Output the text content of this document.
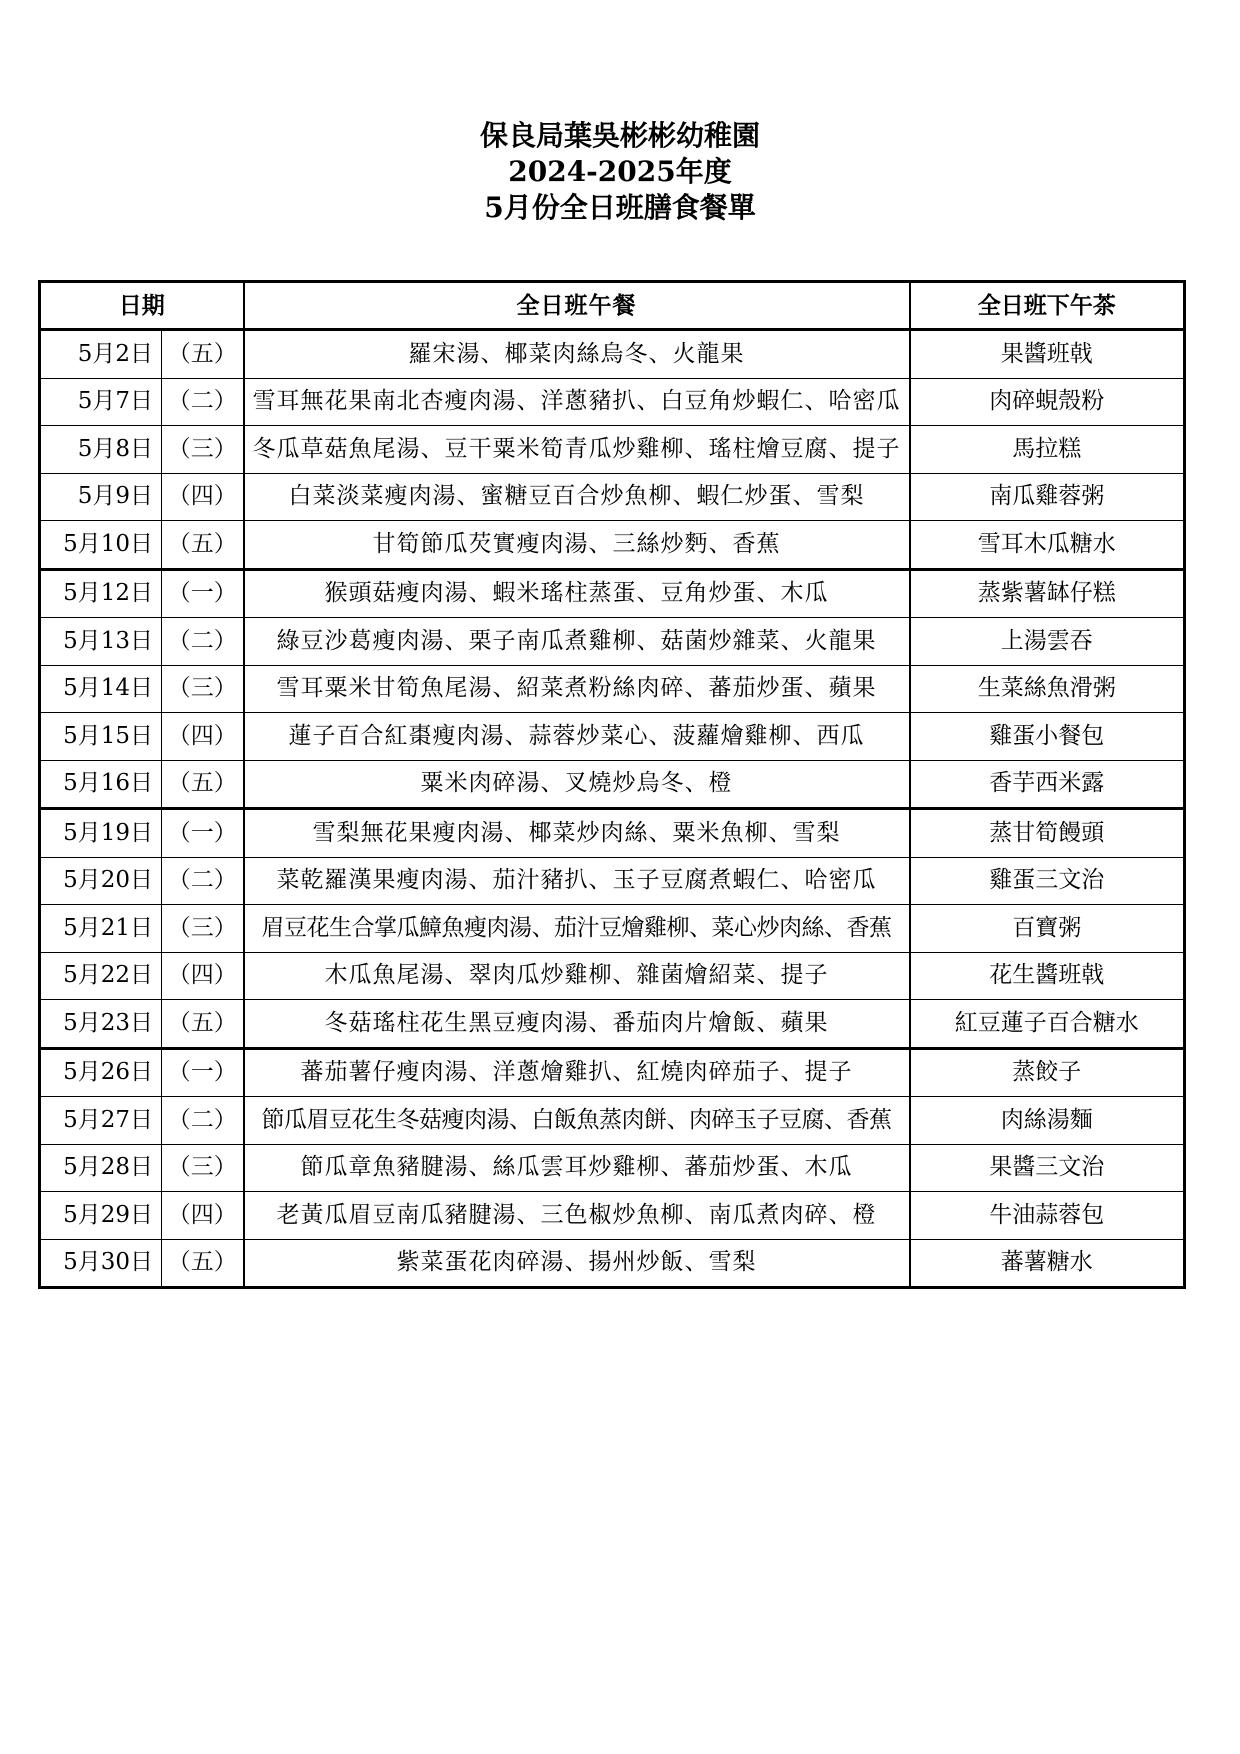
保良局葉吳彬彬幼稚園
2024-2025年度
5月份全日班膳食餐單
日期		全日班午餐	全日班下午茶
5月2日	（五）	羅宋湯、椰菜肉絲烏冬、火龍果	果醬班戟
5月7日	（二）	雪耳無花果南北杏瘦肉湯、洋蔥豬扒、白豆角炒蝦仁、哈密瓜	肉碎蜆殼粉
5月8日	（三）	冬瓜草菇魚尾湯、豆干粟米筍青瓜炒雞柳、瑤柱燴豆腐、提子	馬拉糕
5月9日	（四）	白菜淡菜瘦肉湯、蜜糖豆百合炒魚柳、蝦仁炒蛋、雪梨	南瓜雞蓉粥
5月10日	（五）	甘筍節瓜芡實瘦肉湯、三絲炒麪、香蕉	雪耳木瓜糖水
5月12日	（一）	猴頭菇瘦肉湯、蝦米瑤柱蒸蛋、豆角炒蛋、木瓜	蒸紫薯缽仔糕
5月13日	（二）	綠豆沙葛瘦肉湯、栗子南瓜煮雞柳、菇菌炒雜菜、火龍果	上湯雲吞
5月14日	（三）	雪耳粟米甘筍魚尾湯、紹菜煮粉絲肉碎、蕃茄炒蛋、蘋果	生菜絲魚滑粥
5月15日	（四）	蓮子百合紅棗瘦肉湯、蒜蓉炒菜心、菠蘿燴雞柳、西瓜	雞蛋小餐包
5月16日	（五）	粟米肉碎湯、叉燒炒烏冬、橙	香芋西米露
5月19日	（一）	雪梨無花果瘦肉湯、椰菜炒肉絲、粟米魚柳、雪梨	蒸甘筍饅頭
5月20日	（二）	菜乾羅漢果瘦肉湯、茄汁豬扒、玉子豆腐煮蝦仁、哈密瓜	雞蛋三文治
5月21日	（三）	眉豆花生合掌瓜鱆魚瘦肉湯、茄汁豆燴雞柳、菜心炒肉絲、香蕉	百寶粥
5月22日	（四）	木瓜魚尾湯、翠肉瓜炒雞柳、雜菌燴紹菜、提子	花生醬班戟
5月23日	（五）	冬菇瑤柱花生黑豆瘦肉湯、番茄肉片燴飯、蘋果	紅豆蓮子百合糖水
5月26日	（一）	蕃茄薯仔瘦肉湯、洋蔥燴雞扒、紅燒肉碎茄子、提子	蒸餃子
5月27日	（二）	節瓜眉豆花生冬菇瘦肉湯、白飯魚蒸肉餅、肉碎玉子豆腐、香蕉	肉絲湯麵
5月28日	（三）	節瓜章魚豬腱湯、絲瓜雲耳炒雞柳、蕃茄炒蛋、木瓜	果醬三文治
5月29日	（四）	老黃瓜眉豆南瓜豬腱湯、三色椒炒魚柳、南瓜煮肉碎、橙	牛油蒜蓉包
5月30日	（五）	紫菜蛋花肉碎湯、揚州炒飯、雪梨	蕃薯糖水
